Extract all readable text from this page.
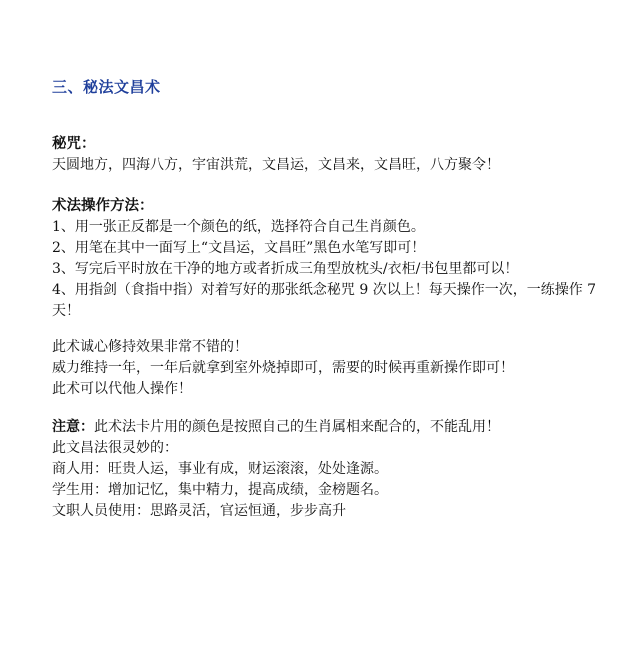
三、秘法文昌术
秘咒：
天圆地方，四海八方，宇宙洪荒，文昌运，文昌来，文昌旺，八方聚令！
术法操作方法：
1、用一张正反都是一个颜色的纸，选择符合自己生肖颜色。
2、用笔在其中一面写上“文昌运，文昌旺”黑色水笔写即可！
3、写完后平时放在干净的地方或者折成三角型放枕头/衣柜/书包里都可以！
4、用指剑（食指中指）对着写好的那张纸念秘咒 9 次以上！每天操作一次，一练操作 7 天！
此术诚心修持效果非常不错的！
威力维持一年，一年后就拿到室外烧掉即可，需要的时候再重新操作即可！
此术可以代他人操作！
注意：此术法卡片用的颜色是按照自己的生肖属相来配合的，不能乱用！
此文昌法很灵妙的：
商人用：旺贵人运，事业有成，财运滚滚，处处逢源。
学生用：增加记忆，集中精力，提高成绩，金榜题名。
文职人员使用：思路灵活，官运恒通，步步高升
